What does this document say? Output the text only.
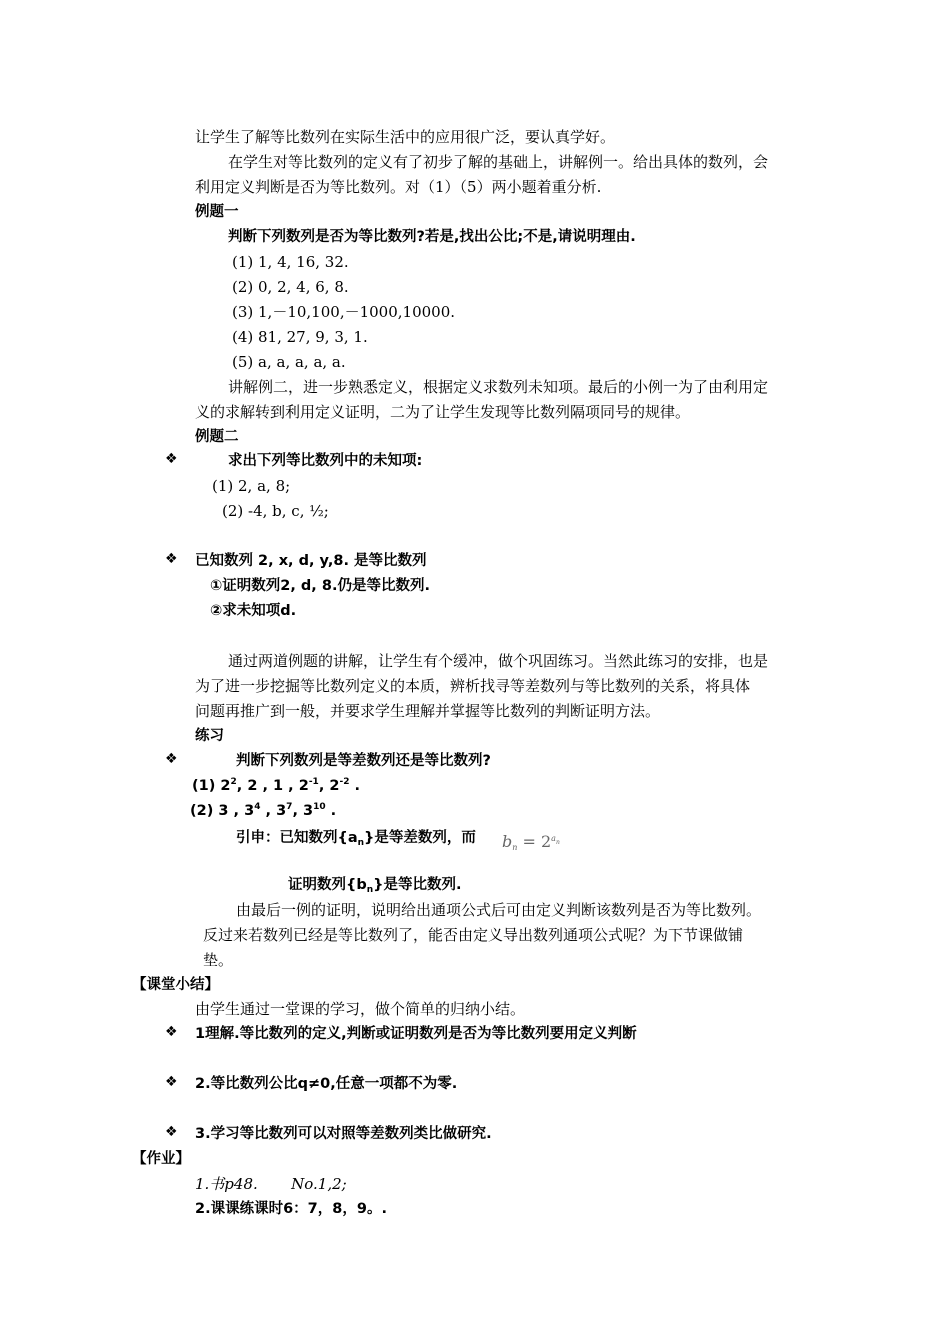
让学生了解等比数列在实际生活中的应用很广泛，要认真学好。
在学生对等比数列的定义有了初步了解的基础上，讲解例一。给出具体的数列，会
利用定义判断是否为等比数列。对（1）（5）两小题着重分析.
例题一
判断下列数列是否为等比数列?若是,找出公比;不是,请说明理由.
(1) 1, 4, 16, 32.
(2) 0, 2, 4, 6, 8.
(3) 1,－10,100,－1000,10000.
(4) 81, 27, 9, 3, 1.
(5) a, a, a, a, a.
讲解例二，进一步熟悉定义，根据定义求数列未知项。最后的小例一为了由利用定
义的求解转到利用定义证明，二为了让学生发现等比数列隔项同号的规律。
例题二
❖	求出下列等比数列中的未知项:
(1) 2, a, 8;
(2) -4, b, c, ½;
❖ 已知数列 2, x, d, y,8. 是等比数列
①证明数列2, d, 8.仍是等比数列.
②求未知项d.
通过两道例题的讲解，让学生有个缓冲，做个巩固练习。当然此练习的安排，也是
为了进一步挖掘等比数列定义的本质，辨析找寻等差数列与等比数列的关系，将具体
问题再推广到一般，并要求学生理解并掌握等比数列的判断证明方法。
练习
❖	判断下列数列是等差数列还是等比数列?
(1) $2^2$, 2 , 1 , $2^{-1}$, $2^{-2}$ .
(2) 3 , $3^4$ , $3^7$, $3^{10}$ .
引申：已知数列$\{a_n\}$是等差数列，而 $b_n = 2^{a_n}$
证明数列$\{b_n\}$是等比数列.
由最后一例的证明，说明给出通项公式后可由定义判断该数列是否为等比数列。
反过来若数列已经是等比数列了，能否由定义导出数列通项公式呢？为下节课做铺
垫。
【课堂小结】
由学生通过一堂课的学习，做个简单的归纳小结。
❖ 1理解.等比数列的定义,判断或证明数列是否为等比数列要用定义判断
❖ 2.等比数列公比q≠0,任意一项都不为零.
❖ 3.学习等比数列可以对照等差数列类比做研究.
【作业】
1.书p48.       No.1,2;
2.课课练课时6：7，8，9。.
